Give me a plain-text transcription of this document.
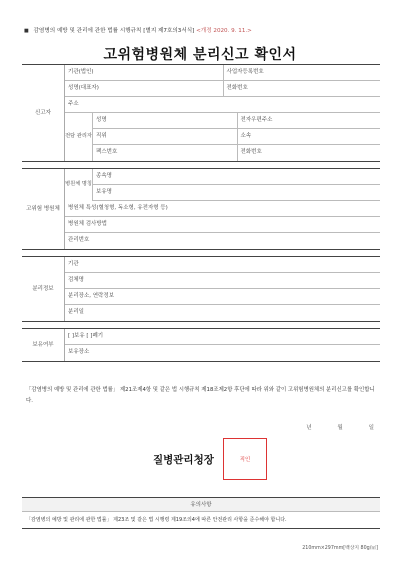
■ 감염병의 예방 및 관리에 관한 법률 시행규칙 [별지 제7호의3서식] <개정 2020. 9. 11.>
고위험병원체 분리신고 확인서
신고자
기관(법인)	사업자등록번호
성명(대표자)	전화번호
주소
전담 관리자
성명	전자우편주소
직위	소속
팩스번호	전화번호
고위험 병원체
병원체 명칭
종속명
보유명
병원체 특성(혈청형, 독소형, 유전자형 등)
병원체 검사방법
관리번호
분리정보
기관
검체명
분리장소, 연락정보
분리일
보유여부
[ ]보유 [ ]폐기
보유장소
「감염병의 예방 및 관리에 관한 법률」 제21조제4항 및 같은 법 시행규칙 제18조제2항 후단에 따라 위와 같이 고위험병원체의 분리신고를 확인합니다.
년 월 일
질병관리청장	직인
유의사항
「감염병의 예방 및 관리에 관한 법률」 제23조 및 같은 법 시행령 제19조의4에 따른 안전관리 사항을 준수해야 합니다.
210mm×297mm[백상지 80g/㎡]
